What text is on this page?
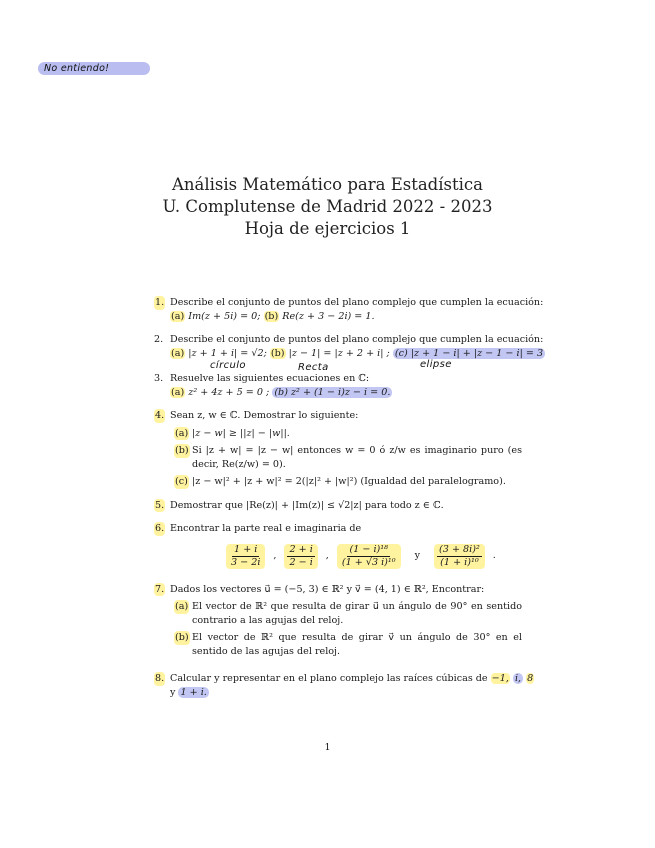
No entiendo!
Análisis Matemático para Estadística
U. Complutense de Madrid 2022 - 2023
Hoja de ejercicios 1
1. Describe el conjunto de puntos del plano complejo que cumplen la ecuación:
(a) Im(z + 5i) = 0; (b) Re(z + 3 − 2i) = 1.
2. Describe el conjunto de puntos del plano complejo que cumplen la ecuación:
(a) |z + 1 + i| = √2; (b) |z − 1| = |z + 2 + i| ; (c) |z + 1 − i| + |z − 1 − i| = 3
círculo	Recta	elipse
3. Resuelve las siguientes ecuaciones en ℂ:
(a) z² + 4z + 5 = 0 ; (b) z² + (1 − i)z − i = 0.
4. Sean z, w ∈ ℂ. Demostrar lo siguiente:
(a) |z − w| ≥ ||z| − |w||.
(b) Si |z + w| = |z − w| entonces w = 0 ó z/w es imaginario puro (es decir, Re(z/w) = 0).
(c) |z − w|² + |z + w|² = 2(|z|² + |w|²) (Igualdad del paralelogramo).
5. Demostrar que |Re(z)| + |Im(z)| ≤ √2|z| para todo z ∈ ℂ.
6. Encontrar la parte real e imaginaria de
$\frac{1 + i}{3 - 2i}$ , $\frac{2 + i}{2 - i}$ , $\frac{\text{(1 − i)¹⁸}}{\text{(1 + √3 i)¹⁰}}$ y $\frac{\text{(3 + 8i)²}}{\text{(1 + i)¹⁰}}$ .
7. Dados los vectores u⃗ = (−5, 3) ∈ ℝ² y v⃗ = (4, 1) ∈ ℝ², Encontrar:
(a) El vector de ℝ² que resulta de girar u⃗ un ángulo de 90° en sentido contrario a las agujas del reloj.
(b) El vector de ℝ² que resulta de girar v⃗ un ángulo de 30° en el sentido de las agujas del reloj.
8. Calcular y representar en el plano complejo las raíces cúbicas de −1, i, 8
y 1 + i.
1
